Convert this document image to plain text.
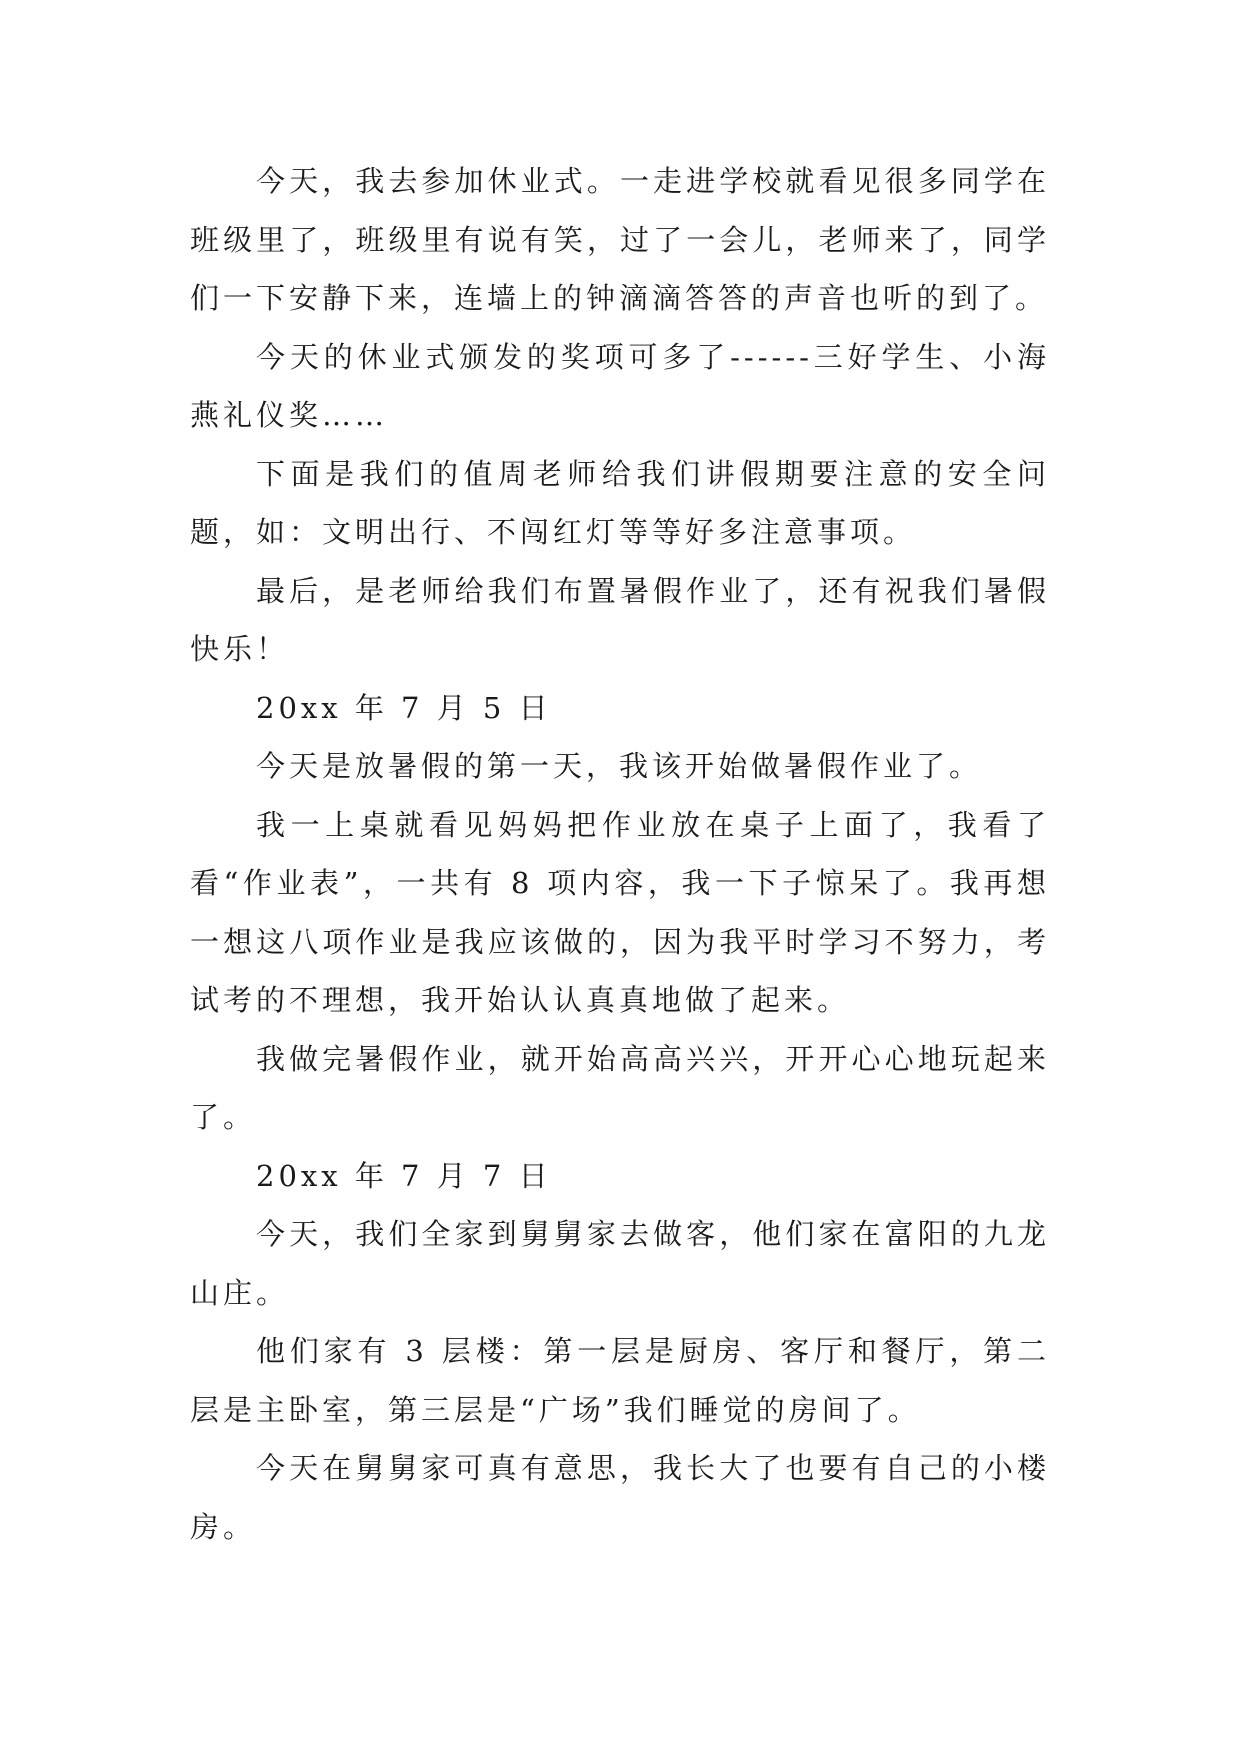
今天，我去参加休业式。一走进学校就看见很多同学在班级里了，班级里有说有笑，过了一会儿，老师来了，同学们一下安静下来，连墙上的钟滴滴答答的声音也听的到了。

今天的休业式颁发的奖项可多了------三好学生、小海燕礼仪奖……

下面是我们的值周老师给我们讲假期要注意的安全问题，如：文明出行、不闯红灯等等好多注意事项。

最后，是老师给我们布置暑假作业了，还有祝我们暑假快乐！

20xx 年 7 月 5 日

今天是放暑假的第一天，我该开始做暑假作业了。

我一上桌就看见妈妈把作业放在桌子上面了，我看了看“作业表”，一共有 8 项内容，我一下子惊呆了。我再想一想这八项作业是我应该做的，因为我平时学习不努力，考试考的不理想，我开始认认真真地做了起来。

我做完暑假作业，就开始高高兴兴，开开心心地玩起来了。

20xx 年 7 月 7 日

今天，我们全家到舅舅家去做客，他们家在富阳的九龙山庄。

他们家有 3 层楼：第一层是厨房、客厅和餐厅，第二层是主卧室，第三层是“广场”我们睡觉的房间了。

今天在舅舅家可真有意思，我长大了也要有自己的小楼房。
